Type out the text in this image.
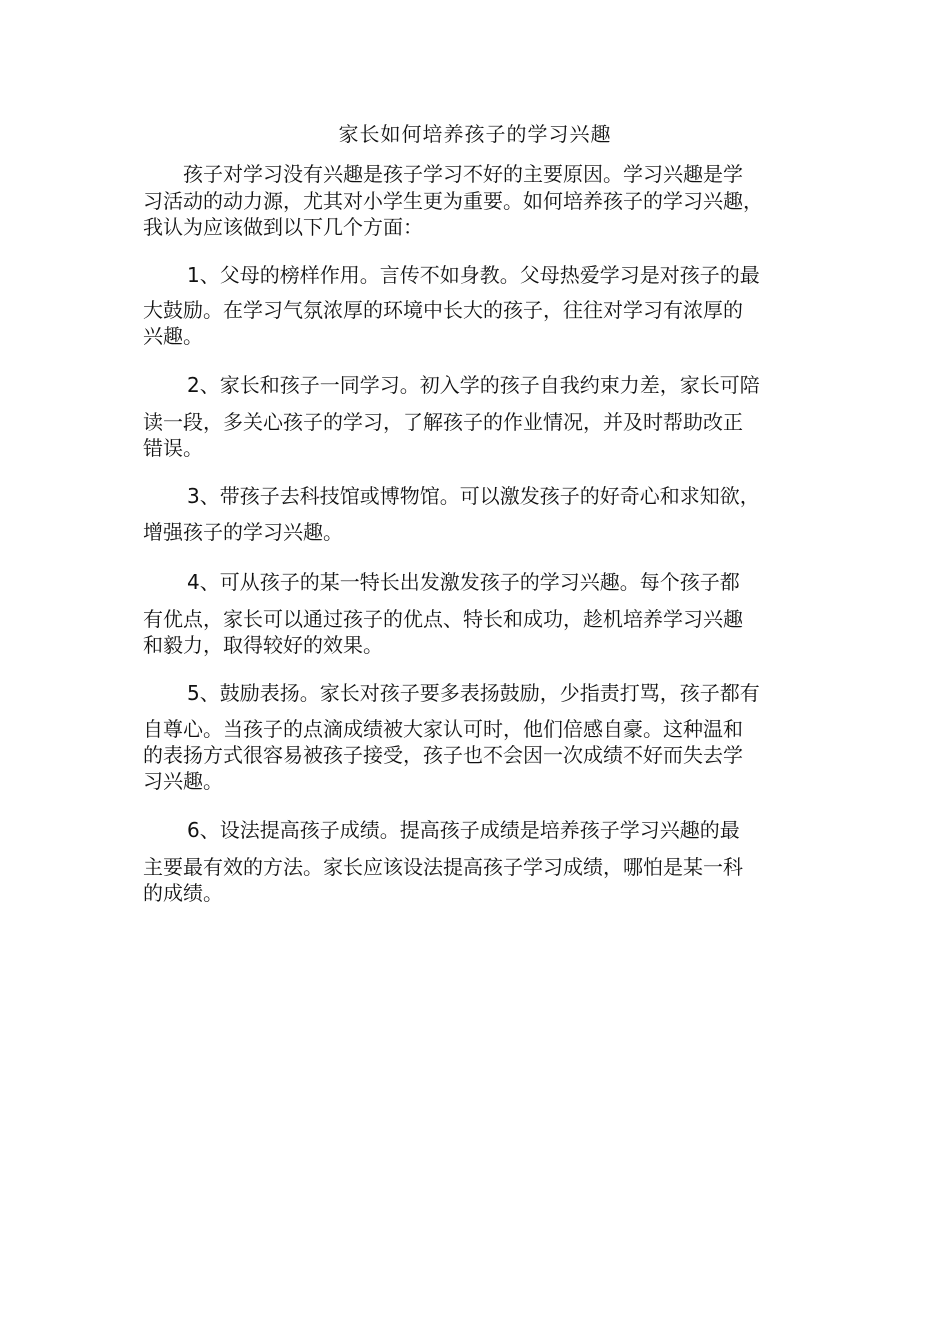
家长如何培养孩子的学习兴趣
孩子对学习没有兴趣是孩子学习不好的主要原因。学习兴趣是学
习活动的动力源，尤其对小学生更为重要。如何培养孩子的学习兴趣，
我认为应该做到以下几个方面：
1、父母的榜样作用。言传不如身教。父母热爱学习是对孩子的最
大鼓励。在学习气氛浓厚的环境中长大的孩子，往往对学习有浓厚的
兴趣。
2、家长和孩子一同学习。初入学的孩子自我约束力差，家长可陪
读一段，多关心孩子的学习，了解孩子的作业情况，并及时帮助改正
错误。
3、带孩子去科技馆或博物馆。可以激发孩子的好奇心和求知欲，
增强孩子的学习兴趣。
4、可从孩子的某一特长出发激发孩子的学习兴趣。每个孩子都
有优点，家长可以通过孩子的优点、特长和成功，趁机培养学习兴趣
和毅力，取得较好的效果。
5、鼓励表扬。家长对孩子要多表扬鼓励，少指责打骂，孩子都有
自尊心。当孩子的点滴成绩被大家认可时，他们倍感自豪。这种温和
的表扬方式很容易被孩子接受，孩子也不会因一次成绩不好而失去学
习兴趣。
6、设法提高孩子成绩。提高孩子成绩是培养孩子学习兴趣的最
主要最有效的方法。家长应该设法提高孩子学习成绩，哪怕是某一科
的成绩。
